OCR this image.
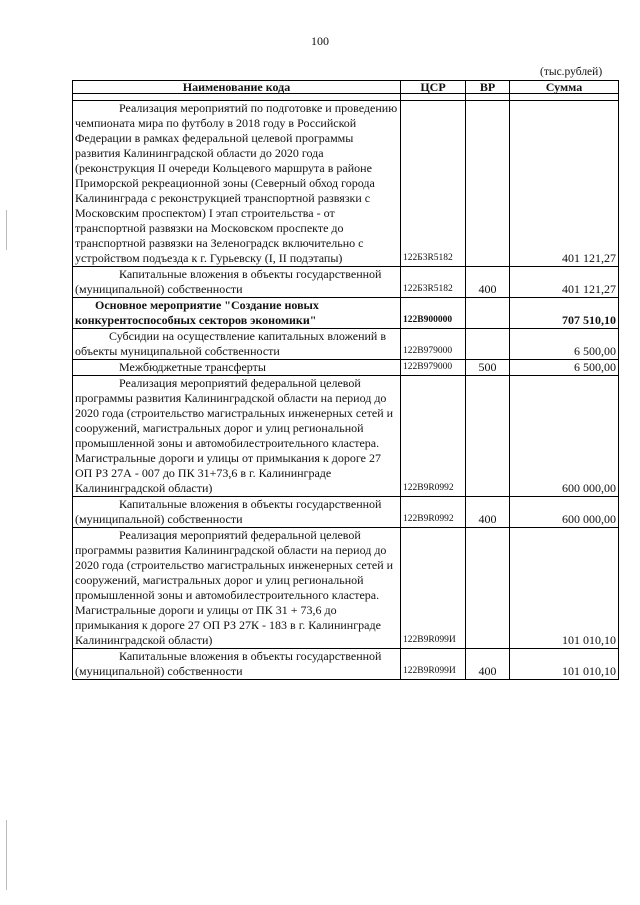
100
(тыс.рублей)
Наименование кода	ЦСР	ВР	Сумма

Реализация мероприятий по подготовке и проведению чемпионата мира по футболу в 2018 году в Российской Федерации в рамках федеральной целевой программы развития Калининградской области до 2020 года (реконструкция II очереди Кольцевого маршрута в районе Приморской рекреационной зоны (Северный обход города Калининграда с реконструкцией транспортной развязки с Московским проспектом) I этап строительства - от транспортной развязки на Московском проспекте до транспортной развязки на Зеленоградск включительно с устройством подъезда к г. Гурьевску (I, II подэтапы)	122Б3R5182		401 121,27

Капитальные вложения в объекты государственной (муниципальной) собственности	122Б3R5182	400	401 121,27

Основное мероприятие "Создание новых конкурентоспособных секторов экономики"	122B900000		707 510,10

Субсидии на осуществление капитальных вложений в объекты муниципальной собственности	122B979000		6 500,00

Межбюджетные трансферты	122B979000	500	6 500,00

Реализация мероприятий федеральной целевой программы развития Калининградской области на период до 2020 года (строительство магистральных инженерных сетей и сооружений, магистральных дорог и улиц региональной промышленной зоны и автомобилестроительного кластера. Магистральные дороги и улицы от примыкания к дороге 27 ОП РЗ 27А - 007 до ПК 31+73,6 в г. Калининграде Калининградской области)	122B9R0992		600 000,00

Капитальные вложения в объекты государственной (муниципальной) собственности	122B9R0992	400	600 000,00

Реализация мероприятий федеральной целевой программы развития Калининградской области на период до 2020 года (строительство магистральных инженерных сетей и сооружений, магистральных дорог и улиц региональной промышленной зоны и автомобилестроительного кластера. Магистральные дороги и улицы от ПК 31 + 73,6 до примыкания к дороге 27 ОП РЗ 27К - 183 в г. Калининграде Калининградской области)	122B9R099И		101 010,10

Капитальные вложения в объекты государственной (муниципальной) собственности	122B9R099И	400	101 010,10
